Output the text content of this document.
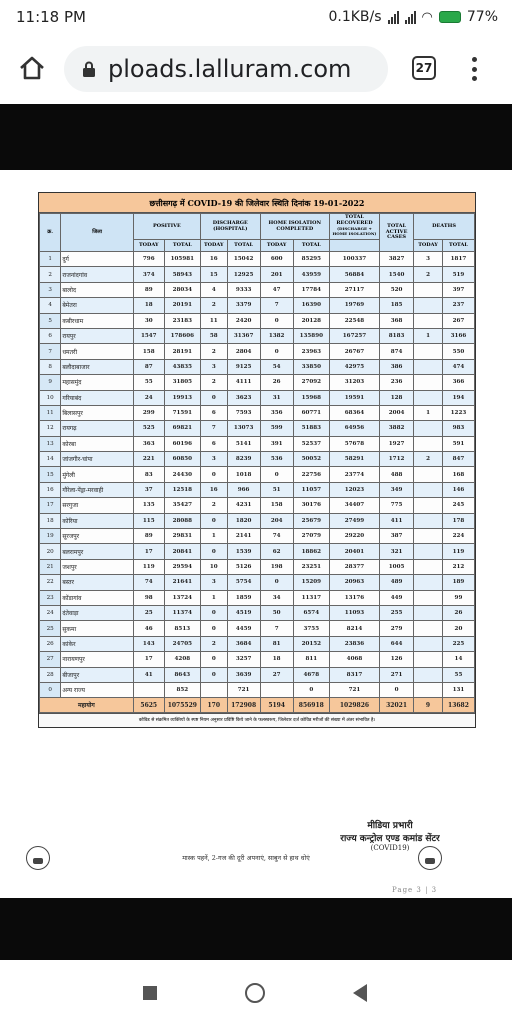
11:18 PM	0.1KB/s	◠ 77%
ploads.lalluram.com	27
छत्तीसगढ़ में COVID-19 की जिलेवार स्थिति दिनांक 19-01-2022
क्र.	जिला	POSITIVE		DISCHARGE (HOSPITAL)		HOME ISOLATION COMPLETED		TOTAL RECOVERED
(DISCHARGE + HOME ISOLATION)	TOTAL ACTIVE CASES	DEATHS	
		TODAY	TOTAL	TODAY	TOTAL	TODAY	TOTAL			TODAY	TOTAL
1	दुर्ग	796	105981	16	15042	600	85295	100337	3827	3	1817
2	राजनांदगांव	374	58943	15	12925	201	43959	56884	1540	2	519
3	बालोद	89	28034	4	9333	47	17784	27117	520		397
4	बेमेतरा	18	20191	2	3379	7	16390	19769	185		237
5	कबीरधाम	30	23183	11	2420	0	20128	22548	368		267
6	रायपुर	1547	178606	58	31367	1382	135890	167257	8183	1	3166
7	धमतरी	158	28191	2	2804	0	23963	26767	874		550
8	बलौदाबाजार	87	43835	3	9125	54	33850	42975	386		474
9	महासमुंद	55	31805	2	4111	26	27092	31203	236		366
10	गरियाबंद	24	19913	0	3623	31	15968	19591	128		194
11	बिलासपुर	299	71591	6	7593	356	60771	68364	2004	1	1223
12	रायगढ़	525	69821	7	13073	599	51883	64956	3882		983
13	कोरबा	363	60196	6	5141	391	52537	57678	1927		591
14	जांजगीर-चांपा	221	60850	3	8239	536	50052	58291	1712	2	847
15	मुंगेली	83	24430	0	1018	0	22756	23774	488		168
16	गौरेला-पेंड्रा-मरवाही	37	12518	16	966	51	11057	12023	349		146
17	सरगुजा	135	35427	2	4231	158	30176	34407	775		245
18	कोरिया	115	28088	0	1820	204	25679	27499	411		178
19	सूरजपुर	89	29831	1	2141	74	27079	29220	387		224
20	बलरामपुर	17	20841	0	1539	62	18862	20401	321		119
21	जशपुर	119	29594	10	5126	198	23251	28377	1005		212
22	बस्तर	74	21641	3	5754	0	15209	20963	489		189
23	कोंडागांव	98	13724	1	1859	34	11317	13176	449		99
24	दंतेवाड़ा	25	11374	0	4519	50	6574	11093	255		26
25	सुकमा	46	8513	0	4459	7	3755	8214	279		20
26	कांकेर	143	24705	2	3684	81	20152	23836	644		225
27	नारायणपुर	17	4208	0	3257	18	811	4068	126		14
28	बीजापुर	41	8643	0	3639	27	4678	8317	271		55
0	अन्य राज्य		852		721		0	721	0		131
महायोग		5625	1075529	170	172908	5194	856918	1029826	32021	9	13682
कोविड से संक्रमित व्यक्तियों के स्पष्ट नियम अनुसार प्रविष्टि किये जाने के फलस्वरूप, जिलेवार दर्ज कोविड मरीजों की संख्या में अंतर संभावित है।
मीडिया प्रभारी
राज्य कन्ट्रोल एण्ड कमांड सेंटर
(COVID19)
मास्क पहनें, 2-गज की दूरी अपनाएं, साबुन से हाथ धोएं
Page 3 | 3
